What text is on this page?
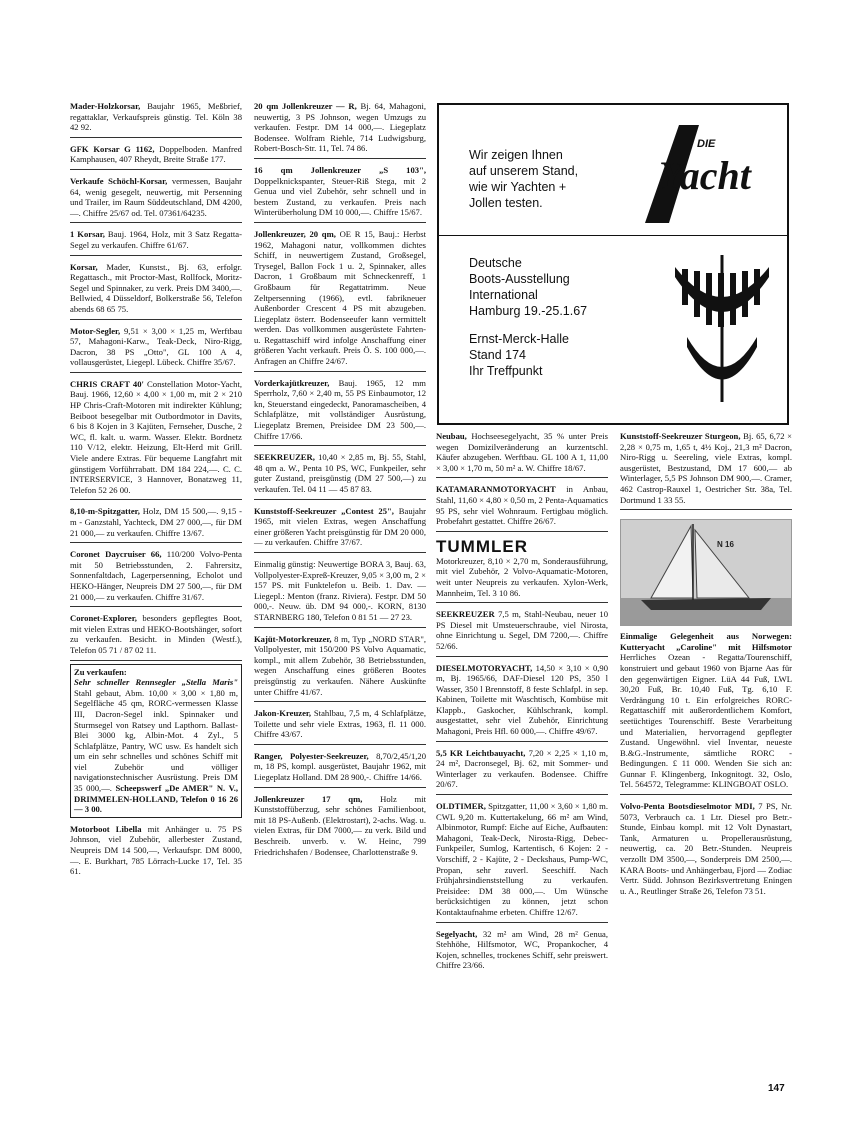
Wir zeigen Ihnen

auf unserem Stand,

wie wir Yachten +

Jollen testen.

DIE
Yacht

Deutsche

Boots-Ausstellung

International

Hamburg 19.-25.1.67

Ernst-Merck-Halle

Stand 174

Ihr Treffpunkt

Mader-Holzkorsar, Baujahr 1965, Meßbrief, regattaklar, Verkaufspreis günstig. Tel. Köln 38 42 92.

GFK Korsar G 1162, Doppelboden. Manfred Kamphausen, 407 Rheydt, Breite Straße 177.

Verkaufe Schöchl-Korsar, vermessen, Baujahr 64, wenig gesegelt, neuwertig, mit Persenning und Trailer, im Raum Süddeutschland, DM 4200,—. Chiffre 25/67 od. Tel. 07361/64235.

1 Korsar, Bauj. 1964, Holz, mit 3 Satz Regatta-Segel zu verkaufen. Chiffre 61/67.

Korsar, Mader, Kunstst., Bj. 63, erfolgr. Regattasch., mit Proctor-Mast, Rollfock, Moritz-Segel und Spinnaker, zu verk. Preis DM 3400,—. Bellwied, 4 Düsseldorf, Bolkerstraße 56, Telefon abends 68 65 75.

Motor-Segler, 9,51 × 3,00 × 1,25 m, Werftbau 57, Mahagoni-Karw., Teak-Deck, Niro-Rigg, Dacron, 38 PS „Otto", GL 100 A 4, vollausgerüstet, Liegepl. Lübeck. Chiffre 35/67.

CHRIS CRAFT 40' Constellation Motor-Yacht, Bauj. 1966, 12,60 × 4,00 × 1,00 m, mit 2 × 210 HP Chris-Craft-Motoren mit indirekter Kühlung; Beiboot besegelbar mit Outbordmotor in Davits, 6 bis 8 Kojen in 3 Kajüten, Fernseher, Dusche, 2 WC, fl. kalt. u. warm. Wasser. Elektr. Bordnetz 110 V/12, elektr. Heizung, Elt-Herd mit Grill. Viele andere Extras. Für bequeme Langfahrt mit günstigem Vorführrabatt. DM 184 224,—. C. C. INTERSERVICE, 3 Hannover, Bonatzweg 11, Telefon 52 26 00.

8,10-m-Spitzgatter, Holz, DM 15 500,—. 9,15 - m - Ganzstahl, Yachteck, DM 27 000,—, für DM 21 000,— zu verkaufen. Chiffre 13/67.

Coronet Daycruiser 66, 110/200 Volvo-Penta mit 50 Betriebsstunden, 2. Fahrersitz, Sonnenfaltdach, Lagerpersenning, Echolot und HEKO-Hänger, Neupreis DM 27 500,—, für DM 21 000,— zu verkaufen. Chiffre 31/67.

Coronet-Explorer, besonders gepflegtes Boot, mit vielen Extras und HEKO-Bootshänger, sofort zu verkaufen. Besicht. in Minden (Westf.), Telefon 05 71 / 87 02 11.

Zu verkaufen:
Sehr schneller Rennsegler „Stella Maris" Stahl gebaut, Abm. 10,00 × 3,00 × 1,80 m, Segelfläche 45 qm, RORC-vermessen Klasse III, Dacron-Segel inkl. Spinnaker und Sturmsegel von Ratsey und Lapthorn. Ballast-Blei 3000 kg, Albin-Mot. 4 Zyl., 5 Schlafplätze, Pantry, WC usw. Es handelt sich um ein sehr schnelles und schönes Schiff mit viel Zubehör und völliger navigationstechnischer Ausrüstung. Preis DM 35 000,—. Scheepswerf „De AMER" N. V., DRIMMELEN-HOLLAND, Telefon 0 16 26 — 3 00.

Motorboot Libella mit Anhänger u. 75 PS Johnson, viel Zubehör, allerbester Zustand, Neupreis DM 14 500,—, Verkaufspr. DM 8000,—. E. Burkhart, 785 Lörrach-Lucke 17, Tel. 35 61.

20 qm Jollenkreuzer — R, Bj. 64, Mahagoni, neuwertig, 3 PS Johnson, wegen Umzugs zu verkaufen. Festpr. DM 14 000,—. Liegeplatz Bodensee. Wolfram Riehle, 714 Ludwigsburg, Robert-Bosch-Str. 11, Tel. 74 86.

16 qm Jollenkreuzer „S 103", Doppelknickspanter, Steuer-Riß Stega, mit 2 Genua und viel Zubehör, sehr schnell und in bestem Zustand, zu verkaufen. Preis nach Winterüberholung DM 10 000,—. Chiffre 15/67.

Jollenkreuzer, 20 qm, OE R 15, Bauj.: Herbst 1962, Mahagoni natur, vollkommen dichtes Schiff, in neuwertigem Zustand, Großsegel, Trysegel, Ballon Fock 1 u. 2, Spinnaker, alles Dacron, 1 Großbaum mit Schneckenreff, 1 Großbaum für Regattatrimm. Neue Zeltpersenning (1966), evtl. fabrikneuer Außenborder Crescent 4 PS mit abzugeben. Liegeplatz österr. Bodenseeufer kann vermittelt werden. Das vollkommen ausgerüstete Fahrten- u. Regattaschiff wird infolge Anschaffung einer größeren Yacht verkauft. Preis Ö. S. 100 000,—. Anfragen an Chiffre 24/67.

Vorderkajütkreuzer, Bauj. 1965, 12 mm Sperrholz, 7,60 × 2,40 m, 55 PS Einbaumotor, 12 kn, Steuerstand eingedeckt, Panoramascheiben, 4 Schlafplätze, mit vollständiger Ausrüstung, Liegeplatz Bremen, Preisidee DM 23 500,—. Chiffre 17/66.

SEEKREUZER, 10,40 × 2,85 m, Bj. 55, Stahl, 48 qm a. W., Penta 10 PS, WC, Funkpeiler, sehr guter Zustand, preisgünstig (DM 27 500,—) zu verkaufen. Tel. 04 11 — 45 87 83.

Kunststoff-Seekreuzer „Contest 25", Baujahr 1965, mit vielen Extras, wegen Anschaffung einer größeren Yacht preisgünstig für DM 20 000,— zu verkaufen. Chiffre 37/67.

Einmalig günstig: Neuwertige BORA 3, Bauj. 63, Vollpolyester-Expreß-Kreuzer, 9,05 × 3,00 m, 2 × 157 PS. mit Funktelefon u. Beib. 1. Dav. — Liegepl.: Menton (franz. Riviera). Festpr. DM 50 000,-. Neuw. üb. DM 94 000,-. KORN, 8130 STARNBERG 180, Telefon 0 81 51 — 27 23.

Kajüt-Motorkreuzer, 8 m, Typ „NORD STAR", Vollpolyester, mit 150/200 PS Volvo Aquamatic, kompl., mit allem Zubehör, 38 Betriebsstunden, wegen Anschaffung eines größeren Bootes preisgünstig zu verkaufen. Nähere Auskünfte unter Chiffre 41/67.

Jakon-Kreuzer, Stahlbau, 7,5 m, 4 Schlafplätze, Toilette und sehr viele Extras, 1963, fl. 11 000. Chiffre 43/67.

Ranger, Polyester-Seekreuzer, 8,70/2,45/1,20 m, 18 PS, kompl. ausgerüstet, Baujahr 1962, mit Liegeplatz Holland. DM 28 900,-. Chiffre 14/66.

Jollenkreuzer 17 qm, Holz mit Kunststoffüberzug, sehr schönes Familienboot, mit 18 PS-Außenb. (Elektrostart), 2-achs. Wag. u. vielen Extras, für DM 7000,— zu verk. Bild und Beschreib. unverb. v. W. Heinc, 799 Friedrichshafen / Bodensee, Charlottenstraße 9.

Neubau, Hochseesegelyacht, 35 % unter Preis wegen Domizilveränderung an kurzentschl. Käufer abzugeben. Werftbau. GL 100 A 1, 11,00 × 3,00 × 1,70 m, 50 m² a. W. Chiffre 18/67.

KATAMARANMOTORYACHT in Anbau, Stahl, 11,60 × 4,80 × 0,50 m, 2 Penta-Aquamatics 95 PS, sehr viel Wohnraum. Fertigbau möglich. Probefahrt gestattet. Chiffre 26/67.

TUMMLER
Motorkreuzer, 8,10 × 2,70 m, Sonderausführung, mit viel Zubehör, 2 Volvo-Aquamatic-Motoren, weit unter Neupreis zu verkaufen. Xylon-Werk, Mannheim, Tel. 3 10 86.

SEEKREUZER 7,5 m, Stahl-Neubau, neuer 10 PS Diesel mit Umsteuerschraube, viel Nirosta, ohne Einrichtung u. Segel, DM 7200,—. Chiffre 52/66.

DIESELMOTORYACHT, 14,50 × 3,10 × 0,90 m, Bj. 1965/66, DAF-Diesel 120 PS, 350 l Wasser, 350 l Brennstoff, 8 feste Schlafpl. in sep. Kabinen, Toilette mit Waschtisch, Kombüse mit Klappb., Gaskocher, Kühlschrank, kompl. ausgestattet, sehr viel Zubehör, Einrichtung Mahagoni, Preis Hfl. 60 000,—. Chiffre 49/67.

5,5 KR Leichtbauyacht, 7,20 × 2,25 × 1,10 m, 24 m², Dacronsegel, Bj. 62, mit Sommer- und Winterlager zu verkaufen. Bodensee. Chiffre 20/67.

OLDTIMER, Spitzgatter, 11,00 × 3,60 × 1,80 m. CWL 9,20 m. Kuttertakelung, 66 m² am Wind, Albinmotor, Rumpf: Eiche auf Eiche, Aufbauten: Mahagoni, Teak-Deck, Nirosta-Rigg, Debec-Funkpeiler, Sumlog, Kartentisch, 6 Kojen: 2 - Vorschiff, 2 - Kajüte, 2 - Deckshaus, Pump-WC, Propan, sehr zuverl. Seeschiff. Nach Frühjahrsindienststellung zu verkaufen. Preisidee: DM 38 000,—. Um Wünsche berücksichtigen zu können, jetzt schon Kontaktaufnahme erbeten. Chiffre 12/67.

Segelyacht, 32 m² am Wind, 28 m² Genua, Stehhöhe, Hilfsmotor, WC, Propankocher, 4 Kojen, schnelles, trockenes Schiff, sehr preiswert. Chiffre 23/66.

Kunststoff-Seekreuzer Sturgeon, Bj. 65, 6,72 × 2,28 × 0,75 m, 1,65 t, 4½ Koj., 21,3 m² Dacron, Niro-Rigg u. Seereling, viele Extras, kompl. ausgerüstet, Bestzustand, DM 17 600,— ab Winterlager, 5,5 PS Johnson DM 900,—. Cramer, 462 Castrop-Rauxel 1, Oestricher Str. 38a, Tel. Dortmund 1 33 55.

N 16

Einmalige Gelegenheit aus Norwegen: Kutteryacht „Caroline" mit Hilfsmotor Herrliches Ozean - Regatta/Tourenschiff, konstruiert und gebaut 1960 von Bjarne Aas für den gegenwärtigen Eigner. LüA 44 Fuß, LWL 30,20 Fuß, Br. 10,40 Fuß, Tg. 6,10 F. Verdrängung 10 t. Ein erfolgreiches RORC-Regattaschiff mit außerordentlichem Komfort, seetüchtiges Tourenschiff. Beste Verarbeitung und Materialien, hervorragend gepflegter Zustand. Ungewöhnl. viel Inventar, neueste B.&G.-Instrumente, sämtliche RORC - Bedingungen. £ 11 000. Wenden Sie sich an: Gunnar F. Klingenberg, Inkognitogt. 32, Oslo, Tel. 564572, Telegramme: KLINGBOAT OSLO.

Volvo-Penta Bootsdieselmotor MDI, 7 PS, Nr. 5073, Verbrauch ca. 1 Ltr. Diesel pro Betr.-Stunde, Einbau kompl. mit 12 Volt Dynastart, Tank, Armaturen u. Propellerausrüstung, neuwertig, ca. 20 Betr.-Stunden. Neupreis verzollt DM 3500,—, Sonderpreis DM 2500,—. KARA Boots- und Anhängerbau, Fjord — Zodiac Vertr. Südd. Johnson Bezirksvertretung Eningen u. A., Reutlinger Straße 26, Telefon 73 51.

147
